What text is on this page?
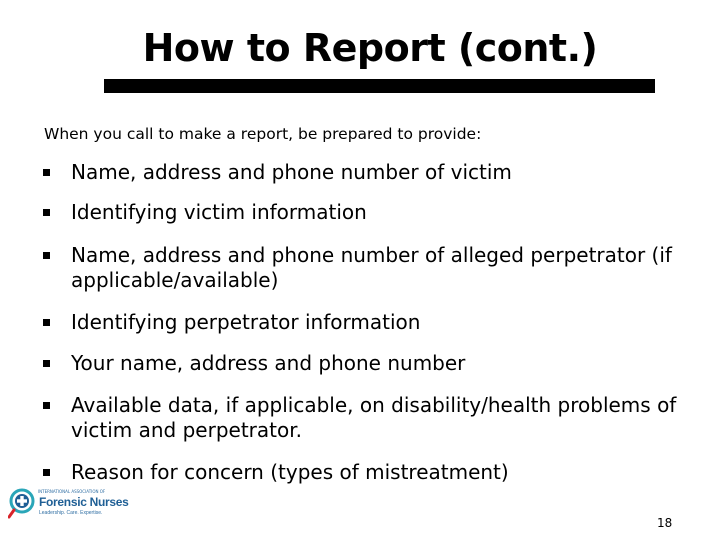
How to Report (cont.)
When you call to make a report, be prepared to provide:
Name, address and phone number of victim
Identifying victim information
Name, address and phone number of alleged perpetrator (if applicable/available)
Identifying perpetrator information
Your name, address and phone number
Available data, if applicable, on disability/health problems of victim and perpetrator.
Reason for concern (types of mistreatment)
INTERNATIONAL ASSOCIATION OF
Forensic Nurses
Leadership. Care. Expertise.
18
